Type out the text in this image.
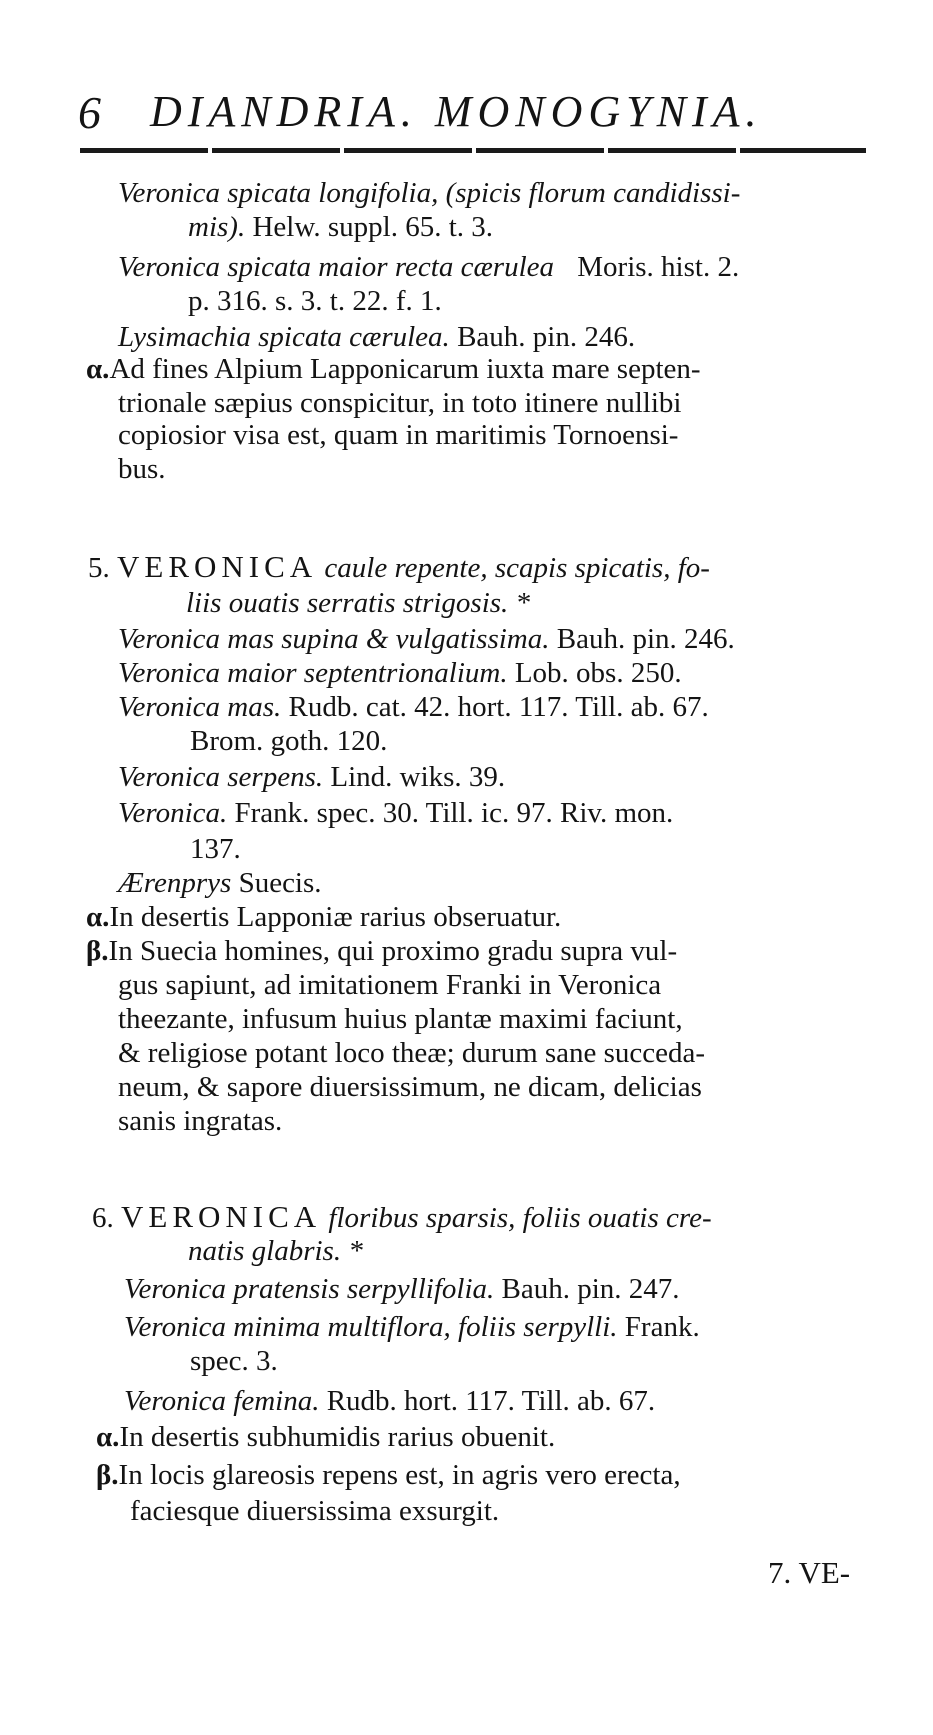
6 DIANDRIA. MONOGYNIA.
Veronica spicata longifolia, (spicis florum candidissi-
mis). Helw. suppl. 65. t. 3.
Veronica spicata maior recta cærulea Moris. hist. 2.
p. 316. s. 3. t. 22. f. 1.
Lysimachia spicata cærulea. Bauh. pin. 246.
α.Ad fines Alpium Lapponicarum iuxta mare septen-
trionale sæpius conspicitur, in toto itinere nullibi
copiosior visa est, quam in maritimis Tornoensi-
bus.
5. VERONICA caule repente, scapis spicatis, fo-
liis ouatis serratis strigosis. *
Veronica mas supina & vulgatissima. Bauh. pin. 246.
Veronica maior septentrionalium. Lob. obs. 250.
Veronica mas. Rudb. cat. 42. hort. 117. Till. ab. 67.
Brom. goth. 120.
Veronica serpens. Lind. wiks. 39.
Veronica. Frank. spec. 30. Till. ic. 97. Riv. mon.
137.
Ærenprys Suecis.
α.In desertis Lapponiæ rarius obseruatur.
β.In Suecia homines, qui proximo gradu supra vul-
gus sapiunt, ad imitationem Franki in Veronica
theezante, infusum huius plantæ maximi faciunt,
& religiose potant loco theæ; durum sane succeda-
neum, & sapore diuersissimum, ne dicam, delicias
sanis ingratas.
6. VERONICA floribus sparsis, foliis ouatis cre-
natis glabris. *
Veronica pratensis serpyllifolia. Bauh. pin. 247.
Veronica minima multiflora, foliis serpylli. Frank.
spec. 3.
Veronica femina. Rudb. hort. 117. Till. ab. 67.
α.In desertis subhumidis rarius obuenit.
β.In locis glareosis repens est, in agris vero erecta,
faciesque diuersissima exsurgit.
7. VE-
